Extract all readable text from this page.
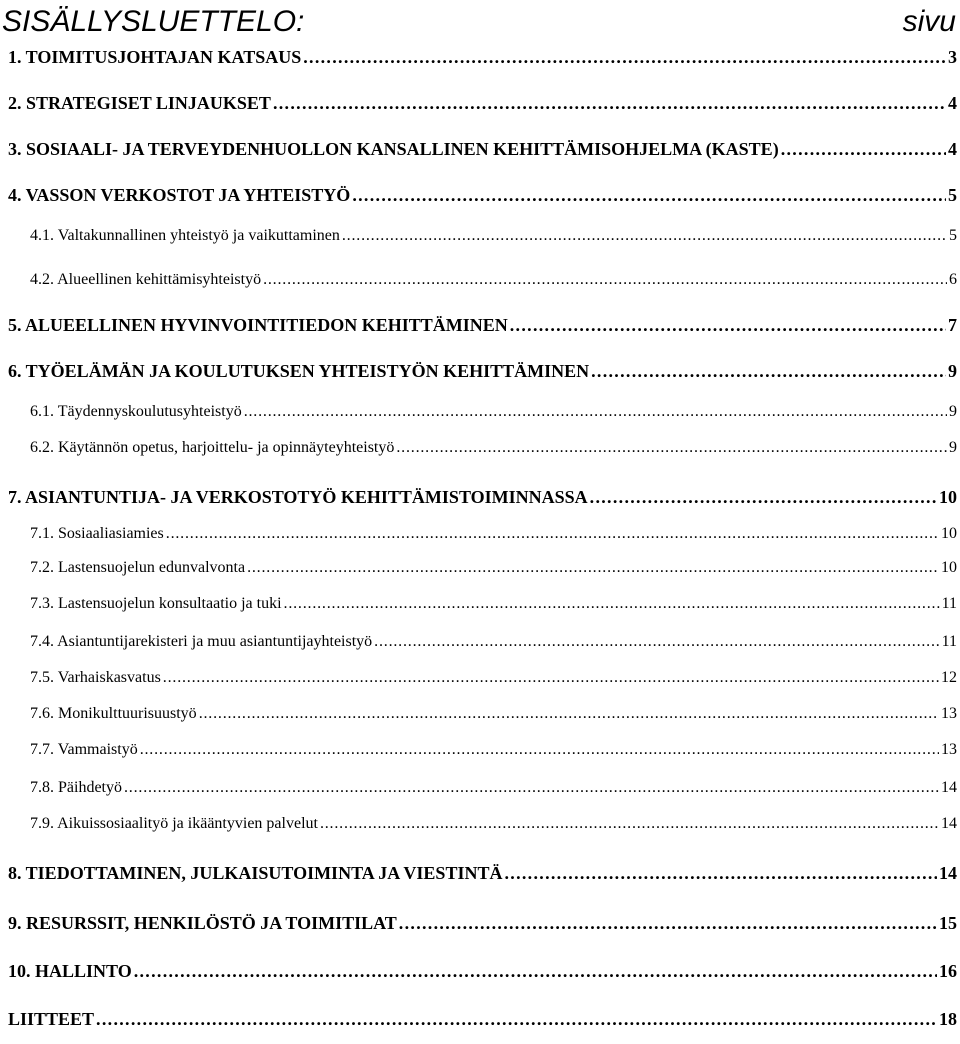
SISÄLLYSLUETTELO:	sivu
1. TOIMITUSJOHTAJAN KATSAUS . . .	3
2. STRATEGISET LINJAUKSET . . .	4
3. SOSIAALI- JA TERVEYDENHUOLLON KANSALLINEN KEHITTÄMISOHJELMA (KASTE) . . .	4
4. VASSON VERKOSTOT JA YHTEISTYÖ . . .	5
4.1. Valtakunnallinen yhteistyö ja vaikuttaminen . . .	5
4.2. Alueellinen kehittämisyhteistyö . . .	6
5. ALUEELLINEN HYVINVOINTITIEDON KEHITTÄMINEN . . .	7
6. TYÖELÄMÄN JA KOULUTUKSEN YHTEISTYÖN KEHITTÄMINEN . . .	9
6.1. Täydennyskoulutusyhteistyö . . .	9
6.2. Käytännön opetus, harjoittelu- ja opinnäyteyhteistyö . . .	9
7. ASIANTUNTIJA- JA VERKOSTOTYÖ KEHITTÄMISTOIMINNASSA . . .	10
7.1. Sosiaaliasiamies . . .	10
7.2. Lastensuojelun edunvalvonta . . .	10
7.3. Lastensuojelun konsultaatio ja tuki . . .	11
7.4. Asiantuntijarekisteri ja muu asiantuntijayhteistyö . . .	11
7.5. Varhaiskasvatus . . .	12
7.6. Monikulttuurisuustyö . . .	13
7.7. Vammaistyö . . .	13
7.8. Päihdetyö . . .	14
7.9. Aikuissosiaalityö ja ikääntyvien palvelut . . .	14
8. TIEDOTTAMINEN, JULKAISUTOIMINTA JA VIESTINTÄ . . .	14
9. RESURSSIT, HENKILÖSTÖ JA TOIMITILAT . . .	15
10. HALLINTO . . .	16
LIITTEET . . .	18
